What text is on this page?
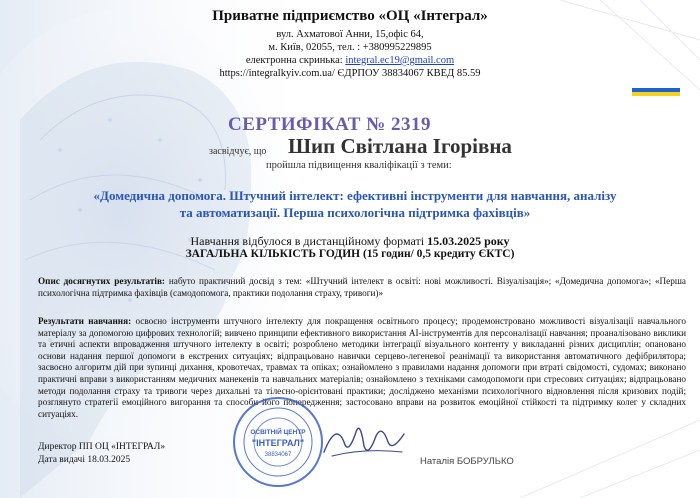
Приватне підприємство «ОЦ «Інтеграл»
вул. Ахматової Анни, 15,офіс 64,
м. Київ, 02055, тел. : +380995229895
електронна скринька: integral.ec19@gmail.com
https://integralkyiv.com.ua/ ЄДРПОУ 38834067 КВЕД 85.59
СЕРТИФІКАТ № 2319
засвідчує, що Шип Світлана Ігорівна
пройшла підвищення кваліфікації з теми:
«Домедична допомога. Штучний інтелект: ефективні інструменти для навчання, аналізу та автоматизації. Перша психологічна підтримка фахівців»
Навчання відбулося в дистанційному форматі 15.03.2025 року
ЗАГАЛЬНА КІЛЬКІСТЬ ГОДИН (15 годин/ 0,5 кредиту ЄКТС)
Опис досягнутих результатів: набуто практичний досвід з тем: «Штучний інтелект в освіті: нові можливості. Візуалізація»; «Домедична допомога»; «Перша психологічна підтримка фахівців (самодопомога, практики подолання страху, тривоги)»
Результати навчання: освоєно інструменти штучного інтелекту для покращення освітнього процесу; продемонстровано можливості візуалізації навчального матеріалу за допомогою цифрових технологій; вивчено принципи ефективного використання АІ-інструментів для персоналізації навчання; проаналізовано виклики та етичні аспекти впровадження штучного інтелекту в освіті; розроблено методики інтеграції візуального контенту у викладанні різних дисциплін; опановано основи надання першої допомоги в екстрених ситуаціях; відпрацьовано навички серцево-легеневої реанімації та використання автоматичного дефібрилятора; засвоєно алгоритм дій при зупинці дихання, кровотечах, травмах та опіках; ознайомлено з правилами надання допомоги при втраті свідомості, судомах; виконано практичні вправи з використанням медичних манекенів та навчальних матеріалів; ознайомлено з техніками самодопомоги при стресових ситуаціях; відпрацьовано методи подолання страху та тривоги через дихальні та тілесно-орієнтовані практики; досліджено механізми психологічного відновлення після кризових подій; розглянуто стратегії емоційного вигорання та способи його попередження; застосовано вправи на розвиток емоційної стійкості та підтримку колег у складних ситуаціях.
Директор ПП ОЦ «ІНТЕГРАЛ»
Дата видачі 18.03.2025
ОСВІТНІЙ ЦЕНТР
"ІНТЕГРАЛ"
38834067
Наталія БОБРУЛЬКО
